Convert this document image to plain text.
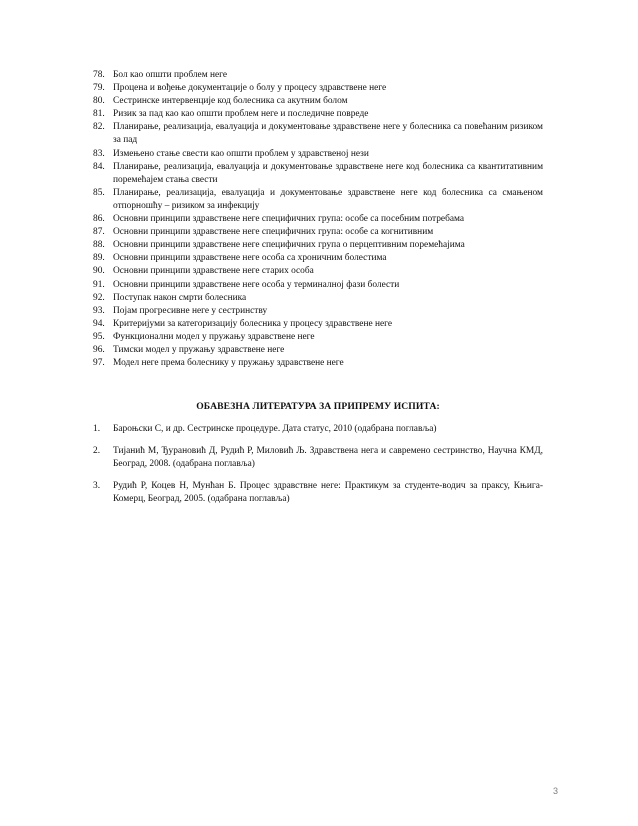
78. Бол као општи проблем неге
79. Процена и вођење документације о болу у процесу здравствене неге
80. Сестринске интервенције код болесника са акутним болом
81. Ризик за пад као као општи проблем неге и последичне повреде
82. Планирање, реализација, евалуација и документовање здравствене неге у болесника са повећаним ризиком за пад
83. Измењено стање свести као општи проблем у здравственој нези
84. Планирање, реализација, евалуација и документовање здравствене неге код болесника са квантитативним поремећајем стања свести
85. Планирање, реализација, евалуација и документовање здравствене неге код болесника са смањеном отпорношћу – ризиком за инфекцију
86. Основни принципи здравствене неге специфичних група: особе са посебним потребама
87. Основни принципи здравствене неге специфичних група: особе са когнитивним
88. Основни принципи здравствене неге специфичних група о перцептивним поремећајима
89. Основни принципи здравствене неге особа са хроничним болестима
90. Основни принципи здравствене неге старих особа
91. Основни принципи здравствене неге особа у терминалној фази болести
92. Поступак након смрти болесника
93. Појам прогресивне неге у сестринству
94. Критеријуми за категоризацију болесника у процесу здравствене неге
95. Функционални модел у пружању здравствене неге
96. Тимски модел у пружању здравствене неге
97. Модел неге према болеснику у пружању здравствене неге
ОБАВЕЗНА ЛИТЕРАТУРА ЗА ПРИПРЕМУ ИСПИТА:
1.	Бароњски С, и др. Сестринске процедуре. Дата статус, 2010 (одабрана поглавља)
2.	Тијанић М, Ђурановић Д, Рудић Р, Миловић Љ. Здравствена нега и савремено сестринство, Научна КМД, Београд, 2008. (одабрана поглавља)
3.	Рудић Р, Коцев Н, Мунћан Б. Процес здравствне неге: Практикум за студенте-водич за праксу, Књига-Комерц, Београд, 2005. (одабрана поглавља)
3
